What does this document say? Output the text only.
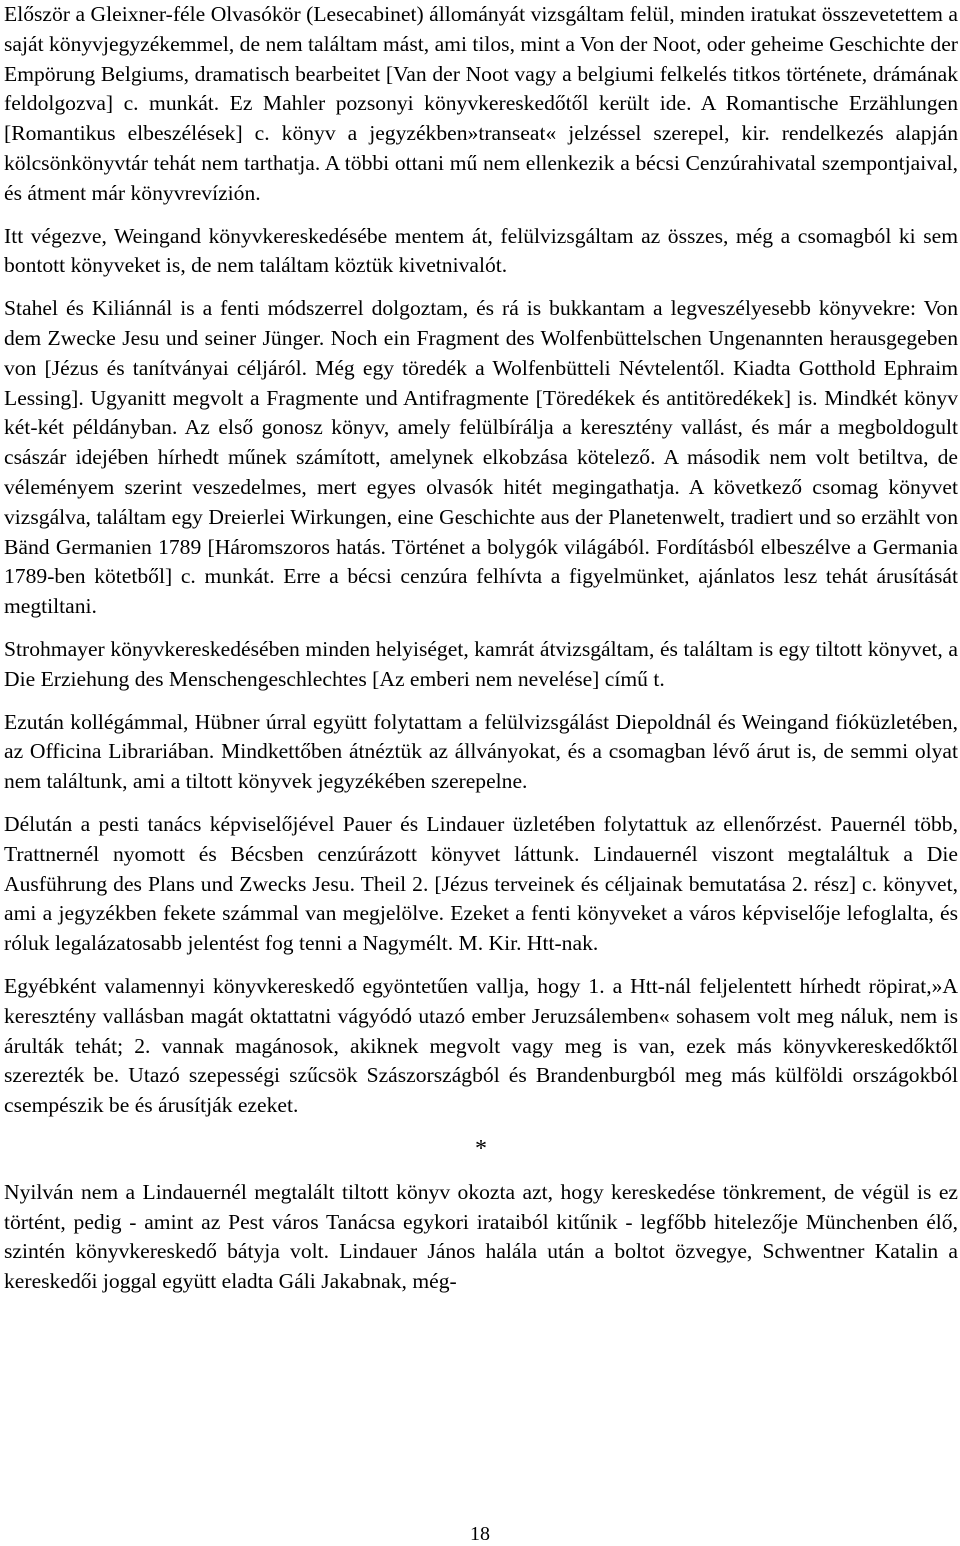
Először a Gleixner-féle Olvasókör (Lesecabinet) állományát vizsgáltam felül, minden iratukat összevetettem a saját könyvjegyzékemmel, de nem találtam mást, ami tilos, mint a Von der Noot, oder geheime Geschichte der Empörung Belgiums, dramatisch bearbeitet [Van der Noot vagy a belgiumi felkelés titkos története, drámának feldolgozva] c. munkát. Ez Mahler pozsonyi könyvkereskedőtől került ide. A Romantische Erzählungen [Romantikus elbeszélések] c. könyv a jegyzékben»transeat« jelzéssel szerepel, kir. rendelkezés alapján kölcsönkönyvtár tehát nem tarthatja. A többi ottani mű nem ellenkezik a bécsi Cenzúrahivatal szempontjaival, és átment már könyvrevízión.

Itt végezve, Weingand könyvkereskedésébe mentem át, felülvizsgáltam az összes, még a csomagból ki sem bontott könyveket is, de nem találtam köztük kivetnivalót.

Stahel és Kiliánnál is a fenti módszerrel dolgoztam, és rá is bukkantam a legveszélyesebb könyvekre: Von dem Zwecke Jesu und seiner Jünger. Noch ein Fragment des Wolfenbüttelschen Ungenannten herausgegeben von [Jézus és tanítványai céljáról. Még egy töredék a Wolfenbütteli Névtelentől. Kiadta Gotthold Ephraim Lessing]. Ugyanitt megvolt a Fragmente und Antifragmente [Töredékek és antitöredékek] is. Mindkét könyv két-két példányban. Az első gonosz könyv, amely felülbírálja a keresztény vallást, és már a megboldogult császár idejében hírhedt műnek számított, amelynek elkobzása kötelező. A második nem volt betiltva, de véleményem szerint veszedelmes, mert egyes olvasók hitét megingathatja. A következő csomag könyvet vizsgálva, találtam egy Dreierlei Wirkungen, eine Geschichte aus der Planetenwelt, tradiert und so erzählt von Bänd Germanien 1789 [Háromszoros hatás. Történet a bolygók világából. Fordításból elbeszélve a Germania 1789-ben kötetből] c. munkát. Erre a bécsi cenzúra felhívta a figyelmünket, ajánlatos lesz tehát árusítását megtiltani.

Strohmayer könyvkereskedésében minden helyiséget, kamrát átvizsgáltam, és találtam is egy tiltott könyvet, a Die Erziehung des Menschengeschlechtes [Az emberi nem nevelése] című t.

Ezután kollégámmal, Hübner úrral együtt folytattam a felülvizsgálást Diepoldnál és Weingand fióküzletében, az Officina Librariában. Mindkettőben átnéztük az állványokat, és a csomagban lévő árut is, de semmi olyat nem találtunk, ami a tiltott könyvek jegyzékében szerepelne.

Délután a pesti tanács képviselőjével Pauer és Lindauer üzletében folytattuk az ellenőrzést. Pauernél több, Trattnernél nyomott és Bécsben cenzúrázott könyvet láttunk. Lindauernél viszont megtaláltuk a Die Ausführung des Plans und Zwecks Jesu. Theil 2. [Jézus terveinek és céljainak bemutatása 2. rész] c. könyvet, ami a jegyzékben fekete számmal van megjelölve. Ezeket a fenti könyveket a város képviselője lefoglalta, és róluk legalázatosabb jelentést fog tenni a Nagymélt. M. Kir. Htt-nak.

Egyébként valamennyi könyvkereskedő egyöntetűen vallja, hogy 1. a Htt-nál feljelentett hírhedt röpirat,»A keresztény vallásban magát oktattatni vágyódó utazó ember Jeruzsálemben« sohasem volt meg náluk, nem is árulták tehát; 2. vannak magánosok, akiknek megvolt vagy meg is van, ezek más könyvkereskedőktől szerezték be. Utazó szepességi szűcsök Szászországból és Brandenburgból meg más külföldi országokból csempészik be és árusítják ezeket.

*

Nyilván nem a Lindauernél megtalált tiltott könyv okozta azt, hogy kereskedése tönkrement, de végül is ez történt, pedig - amint az Pest város Tanácsa egykori irataiból kitűnik - legfőbb hitelezője Münchenben élő, szintén könyvkereskedő bátyja volt. Lindauer János halála után a boltot özvegye, Schwentner Katalin a kereskedői joggal együtt eladta Gáli Jakabnak, még-

18
